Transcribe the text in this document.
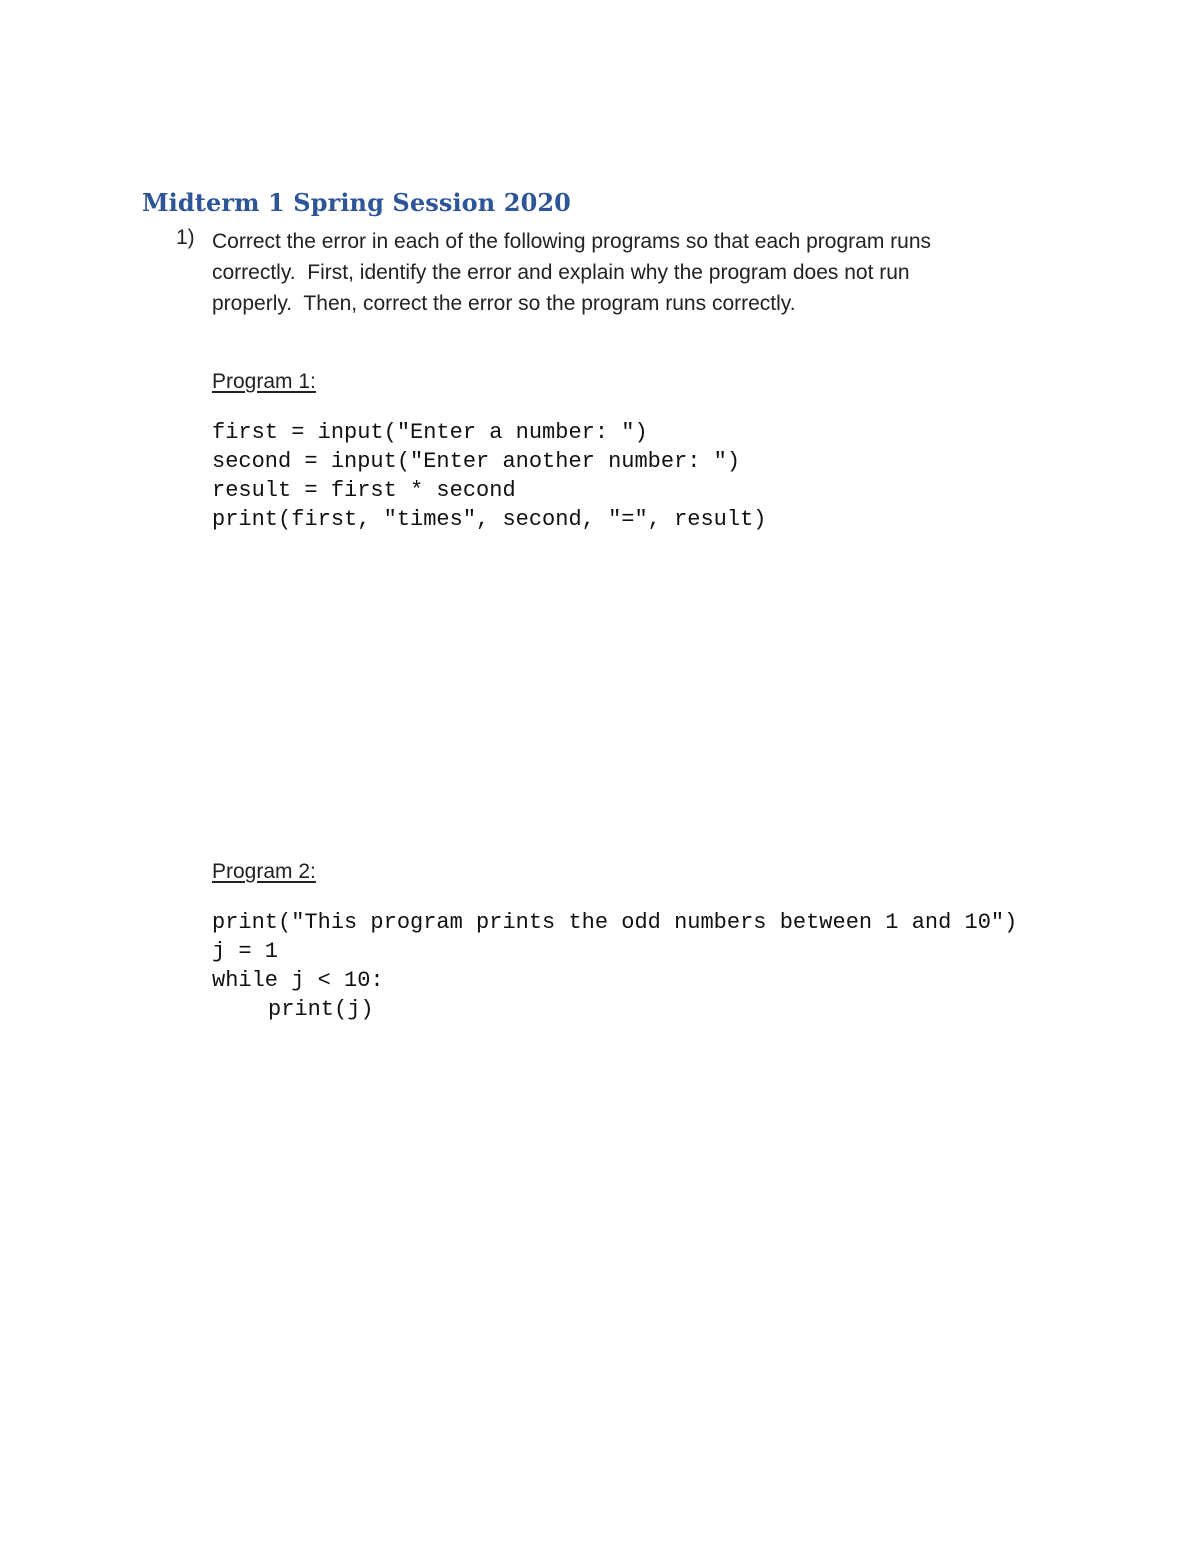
Midterm 1 Spring Session 2020
1) Correct the error in each of the following programs so that each program runs
correctly.  First, identify the error and explain why the program does not run
properly.  Then, correct the error so the program runs correctly.
Program 1:
first = input("Enter a number: ")
second = input("Enter another number: ")
result = first * second
print(first, "times", second, "=", result)
Program 2:
print("This program prints the odd numbers between 1 and 10")
j = 1
while j < 10:
print(j)
